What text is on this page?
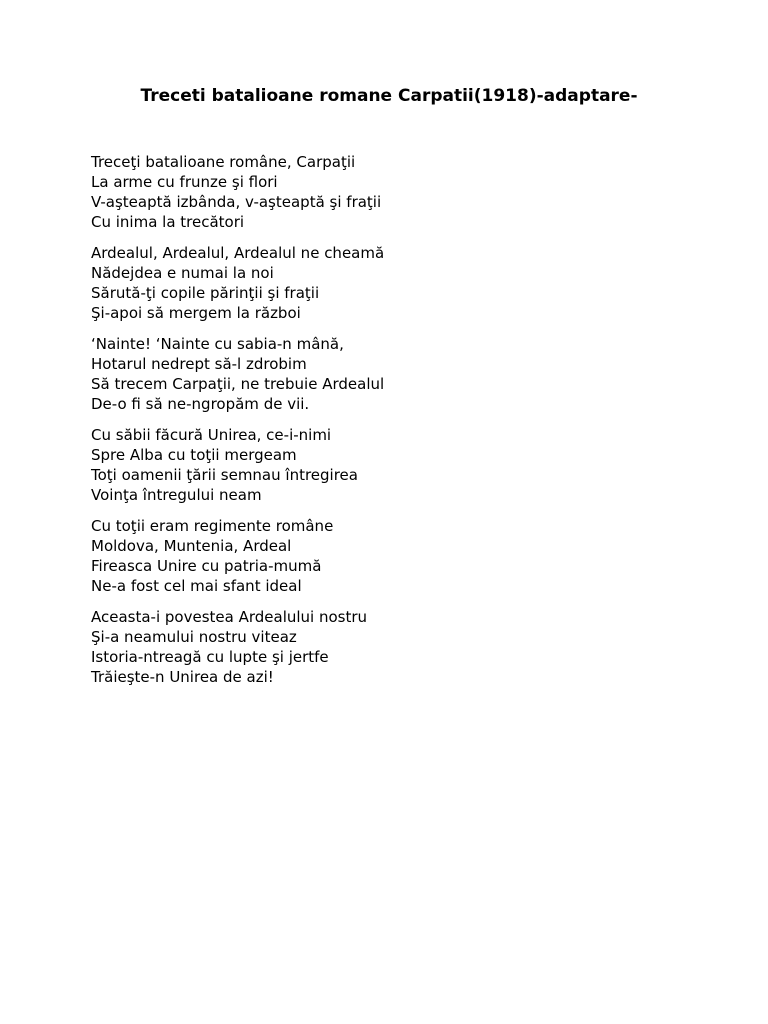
Treceti batalioane romane Carpatii(1918)-adaptare-
Treceţi batalioane române, Carpaţii
La arme cu frunze şi flori
V-aşteaptă izbânda, v-aşteaptă şi fraţii
Cu inima la trecători
Ardealul, Ardealul, Ardealul ne cheamă
Nădejdea e numai la noi
Sărută-ţi copile părinţii şi fraţii
Şi-apoi să mergem la război
‘Nainte! ‘Nainte cu sabia-n mână,
Hotarul nedrept să-l zdrobim
Să trecem Carpaţii, ne trebuie Ardealul
De-o fi să ne-ngropăm de vii.
Cu săbii făcură Unirea, ce-i-nimi
Spre Alba cu toţii mergeam
Toţi oamenii ţării semnau întregirea
Voinţa întregului neam
Cu toţii eram regimente române
Moldova, Muntenia, Ardeal
Fireasca Unire cu patria-mumă
Ne-a fost cel mai sfant ideal
Aceasta-i povestea Ardealului nostru
Şi-a neamului nostru viteaz
Istoria-ntreagă cu lupte şi jertfe
Trăieşte-n Unirea de azi!
